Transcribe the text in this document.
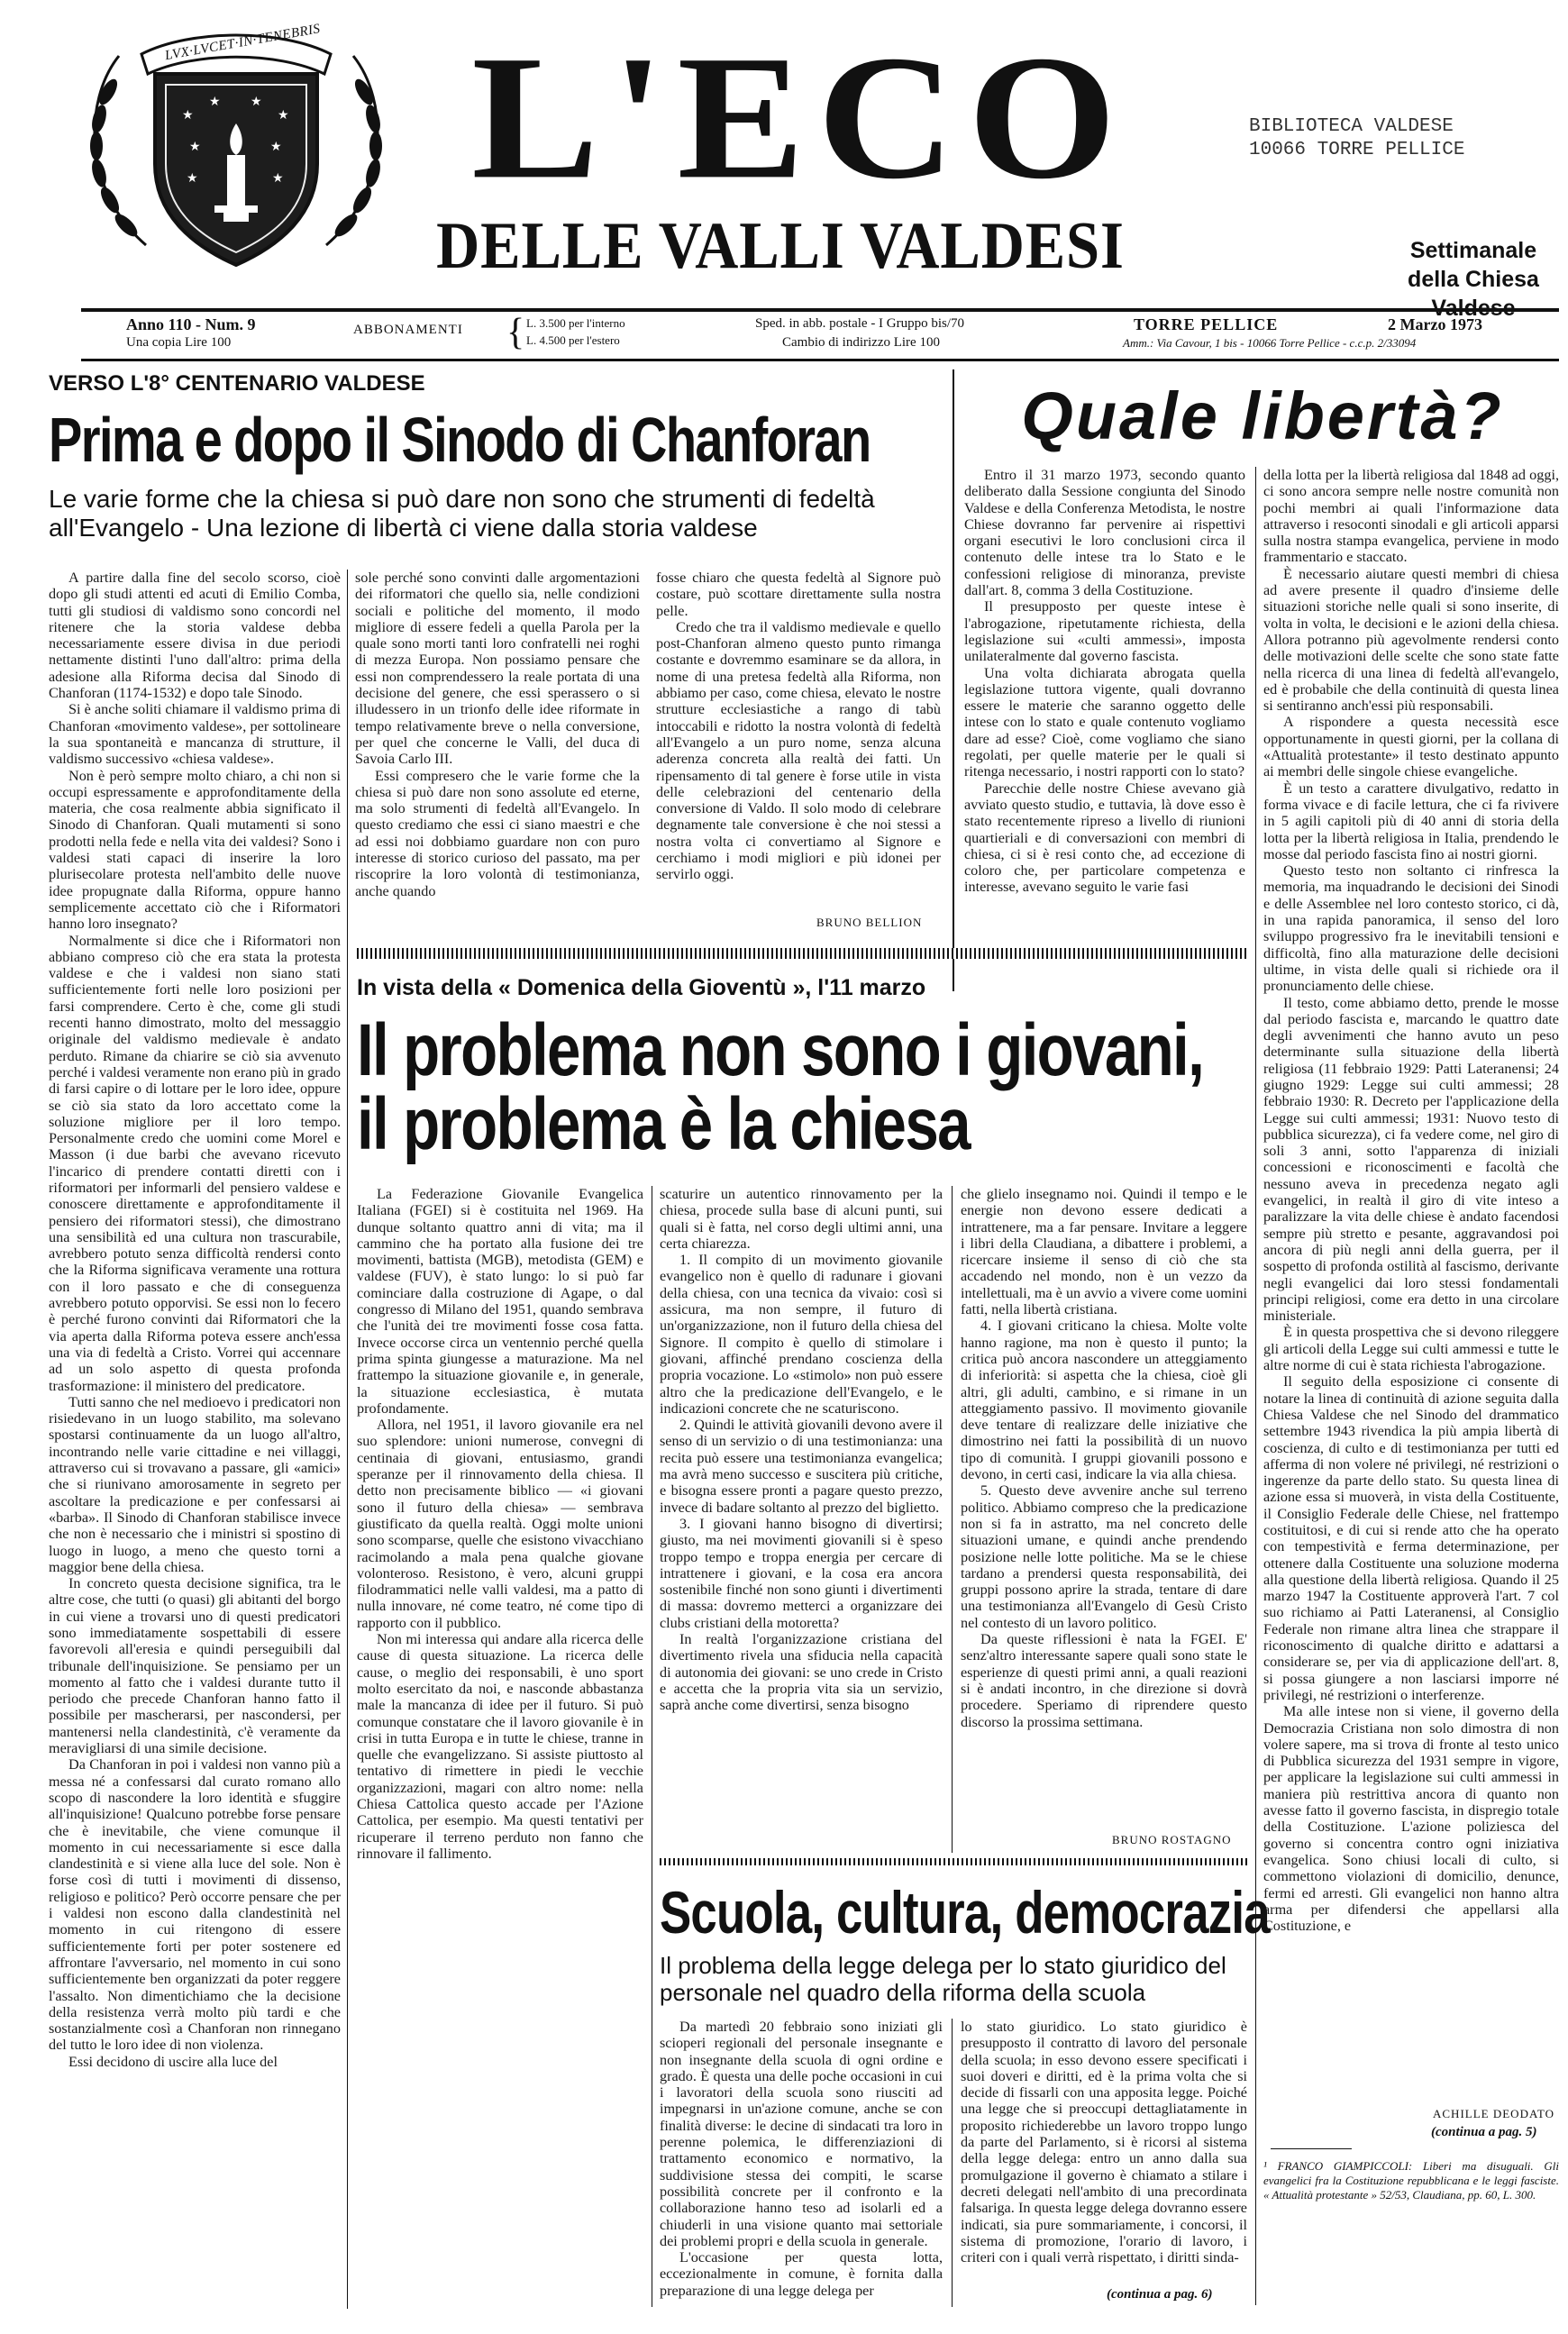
★
★
★
★
★
★
★ ★
LVX·LVCET·IN·TENEBRIS L'ECO
DELLE VALLI VALDESI
BIBLIOTECA VALDESE
10066 TORRE PELLICE
Settimanale
della Chiesa
Anno 110 - Num. 9
Una copia Lire 100
ABBONAMENTI { L. 3.500 per l'interno
L. 4.500 per l'estero
Sped. in abb. postale - I Gruppo bis/70
Cambio di indirizzo Lire 100
TORRE PELLICE	2 Marzo 1973
Amm.: Via Cavour, 1 bis - 10066 Torre Pellice - c.c.p. 2/33094
VERSO L'8° CENTENARIO VALDESE
Prima e dopo il Sinodo di Chanforan
Le varie forme che la chiesa si può dare non sono che strumenti di fedeltà all'Evangelo - Una lezione di libertà ci viene dalla storia valdese

A partire dalla fine del secolo scorso, cioè dopo gli studi attenti ed acuti di Emilio Comba, tutti gli studiosi di valdismo sono concordi nel ritenere che la storia valdese debba necessariamente essere divisa in due periodi nettamente distinti l'uno dall'altro: prima della adesione alla Riforma decisa dal Sinodo di Chanforan (1174-1532) e dopo tale Sinodo.

Si è anche soliti chiamare il valdismo prima di Chanforan «movimento valdese», per sottolineare la sua spontaneità e mancanza di strutture, il valdismo successivo «chiesa valdese».

Non è però sempre molto chiaro, a chi non si occupi espressamente e approfonditamente della materia, che cosa realmente abbia significato il Sinodo di Chanforan. Quali mutamenti si sono prodotti nella fede e nella vita dei valdesi? Sono i valdesi stati capaci di inserire la loro plurisecolare protesta nell'ambito delle nuove idee propugnate dalla Riforma, oppure hanno semplicemente accettato ciò che i Riformatori hanno loro insegnato?

Normalmente si dice che i Riformatori non abbiano compreso ciò che era stata la protesta valdese e che i valdesi non siano stati sufficientemente forti nelle loro posizioni per farsi comprendere. Certo è che, come gli studi recenti hanno dimostrato, molto del messaggio originale del valdismo medievale è andato perduto. Rimane da chiarire se ciò sia avvenuto perché i valdesi veramente non erano più in grado di farsi capire o di lottare per le loro idee, oppure se ciò sia stato da loro accettato come la soluzione migliore per il loro tempo. Personalmente credo che uomini come Morel e Masson (i due barbi che avevano ricevuto l'incarico di prendere contatti diretti con i riformatori per informarli del pensiero valdese e conoscere direttamente e approfonditamente il pensiero dei riformatori stessi), che dimostrano una sensibilità ed una cultura non trascurabile, avrebbero potuto senza difficoltà rendersi conto che la Riforma significava veramente una rottura con il loro passato e che di conseguenza avrebbero potuto opporvisi. Se essi non lo fecero è perché furono convinti dai Riformatori che la via aperta dalla Riforma poteva essere anch'essa una via di fedeltà a Cristo. Vorrei qui accennare ad un solo aspetto di questa profonda trasformazione: il ministero del predicatore.

Tutti sanno che nel medioevo i predicatori non risiedevano in un luogo stabilito, ma solevano spostarsi continuamente da un luogo all'altro, incontrando nelle varie cittadine e nei villaggi, attraverso cui si trovavano a passare, gli «amici» che si riunivano amorosamente in segreto per ascoltare la predicazione e per confessarsi ai «barba». Il Sinodo di Chanforan stabilisce invece che non è necessario che i ministri si spostino di luogo in luogo, a meno che questo torni a maggior bene della chiesa.

In concreto questa decisione significa, tra le altre cose, che tutti (o quasi) gli abitanti del borgo in cui viene a trovarsi uno di questi predicatori sono immediatamente sospettabili di essere favorevoli all'eresia e quindi perseguibili dal tribunale dell'inquisizione. Se pensiamo per un momento al fatto che i valdesi durante tutto il periodo che precede Chanforan hanno fatto il possibile per mascherarsi, per nascondersi, per mantenersi nella clandestinità, c'è veramente da meravigliarsi di una simile decisione.

Da Chanforan in poi i valdesi non vanno più a messa né a confessarsi dal curato romano allo scopo di nascondere la loro identità e sfuggire all'inquisizione! Qualcuno potrebbe forse pensare che è inevitabile, che viene comunque il momento in cui necessariamente si esce dalla clandestinità e si viene alla luce del sole. Non è forse così di tutti i movimenti di dissenso, religioso e politico? Però occorre pensare che per i valdesi non escono dalla clandestinità nel momento in cui ritengono di essere sufficientemente forti per poter sostenere ed affrontare l'avversario, nel momento in cui sono sufficientemente ben organizzati da poter reggere l'assalto. Non dimentichiamo che la decisione della resistenza verrà molto più tardi e che sostanzialmente così a Chanforan non rinnegano del tutto le loro idee di non violenza.

Essi decidono di uscire alla luce del

sole perché sono convinti dalle argomentazioni dei riformatori che quello sia, nelle condizioni sociali e politiche del momento, il modo migliore di essere fedeli a quella Parola per la quale sono morti tanti loro confratelli nei roghi di mezza Europa. Non possiamo pensare che essi non comprendessero la reale portata di una decisione del genere, che essi sperassero o si illudessero in un trionfo delle idee riformate in tempo relativamente breve o nella conversione, per quel che concerne le Valli, del duca di Savoia Carlo III.

Essi compresero che le varie forme che la chiesa si può dare non sono assolute ed eterne, ma solo strumenti di fedeltà all'Evangelo. In questo crediamo che essi ci siano maestri e che ad essi noi dobbiamo guardare non con puro interesse di storico curioso del passato, ma per riscoprire la loro volontà di testimonianza, anche quando

fosse chiaro che questa fedeltà al Signore può costare, può scottare direttamente sulla nostra pelle.

Credo che tra il valdismo medievale e quello post-Chanforan almeno questo punto rimanga costante e dovremmo esaminare se da allora, in nome di una pretesa fedeltà alla Riforma, non abbiamo per caso, come chiesa, elevato le nostre strutture ecclesiastiche a rango di tabù intoccabili e ridotto la nostra volontà di fedeltà all'Evangelo a un puro nome, senza alcuna aderenza concreta alla realtà dei fatti. Un ripensamento di tal genere è forse utile in vista delle celebrazioni del centenario della conversione di Valdo. Il solo modo di celebrare degnamente tale conversione è che noi stessi a nostra volta ci convertiamo al Signore e cerchiamo i modi migliori e più idonei per servirlo oggi.

BRUNO BELLION
Quale libertà?

Entro il 31 marzo 1973, secondo quanto deliberato dalla Sessione congiunta del Sinodo Valdese e della Conferenza Metodista, le nostre Chiese dovranno far pervenire ai rispettivi organi esecutivi le loro conclusioni circa il contenuto delle intese tra lo Stato e le confessioni religiose di minoranza, previste dall'art. 8, comma 3 della Costituzione.

Il presupposto per queste intese è l'abrogazione, ripetutamente richiesta, della legislazione sui «culti ammessi», imposta unilateralmente dal governo fascista.

Una volta dichiarata abrogata quella legislazione tuttora vigente, quali dovranno essere le materie che saranno oggetto delle intese con lo stato e quale contenuto vogliamo dare ad esse? Cioè, come vogliamo che siano regolati, per quelle materie per le quali si ritenga necessario, i nostri rapporti con lo stato?

Parecchie delle nostre Chiese avevano già avviato questo studio, e tuttavia, là dove esso è stato recentemente ripreso a livello di riunioni quartieriali e di conversazioni con membri di chiesa, ci si è resi conto che, ad eccezione di coloro che, per particolare competenza e interesse, avevano seguito le varie fasi

della lotta per la libertà religiosa dal 1848 ad oggi, ci sono ancora sempre nelle nostre comunità non pochi membri ai quali l'informazione data attraverso i resoconti sinodali e gli articoli apparsi sulla nostra stampa evangelica, perviene in modo frammentario e staccato.

È necessario aiutare questi membri di chiesa ad avere presente il quadro d'insieme delle situazioni storiche nelle quali si sono inserite, di volta in volta, le decisioni e le azioni della chiesa. Allora potranno più agevolmente rendersi conto delle motivazioni delle scelte che sono state fatte nella ricerca di una linea di fedeltà all'evangelo, ed è probabile che della continuità di questa linea si sentiranno anch'essi più responsabili.

A rispondere a questa necessità esce opportunamente in questi giorni, per la collana di «Attualità protestante» il testo destinato appunto ai membri delle singole chiese evangeliche.

È un testo a carattere divulgativo, redatto in forma vivace e di facile lettura, che ci fa rivivere in 5 agili capitoli più di 40 anni di storia della lotta per la libertà religiosa in Italia, prendendo le mosse dal periodo fascista fino ai nostri giorni.

Questo testo non soltanto ci rinfresca la memoria, ma inquadrando le decisioni dei Sinodi e delle Assemblee nel loro contesto storico, ci dà, in una rapida panoramica, il senso del loro sviluppo progressivo fra le inevitabili tensioni e difficoltà, fino alla maturazione delle decisioni ultime, in vista delle quali si richiede ora il pronunciamento delle chiese.

Il testo, come abbiamo detto, prende le mosse dal periodo fascista e, marcando le quattro date degli avvenimenti che hanno avuto un peso determinante sulla situazione della libertà religiosa (11 febbraio 1929: Patti Lateranensi; 24 giugno 1929: Legge sui culti ammessi; 28 febbraio 1930: R. Decreto per l'applicazione della Legge sui culti ammessi; 1931: Nuovo testo di pubblica sicurezza), ci fa vedere come, nel giro di soli 3 anni, sotto l'apparenza di iniziali concessioni e riconoscimenti e facoltà che nessuno aveva in precedenza negato agli evangelici, in realtà il giro di vite inteso a paralizzare la vita delle chiese è andato facendosi sempre più stretto e pesante, aggravandosi poi ancora di più negli anni della guerra, per il sospetto di profonda ostilità al fascismo, derivante negli evangelici dai loro stessi fondamentali principi religiosi, come era detto in una circolare ministeriale.

È in questa prospettiva che si devono rileggere gli articoli della Legge sui culti ammessi e tutte le altre norme di cui è stata richiesta l'abrogazione.

Il seguito della esposizione ci consente di notare la linea di continuità di azione seguita dalla Chiesa Valdese che nel Sinodo del drammatico settembre 1943 rivendica la più ampia libertà di coscienza, di culto e di testimonianza per tutti ed afferma di non volere né privilegi, né restrizioni o ingerenze da parte dello stato. Su questa linea di azione essa si muoverà, in vista della Costituente, il Consiglio Federale delle Chiese, nel frattempo costituitosi, e di cui si rende atto che ha operato con tempestività e ferma determinazione, per ottenere dalla Costituente una soluzione moderna alla questione della libertà religiosa. Quando il 25 marzo 1947 la Costituente approverà l'art. 7 col suo richiamo ai Patti Lateranensi, al Consiglio Federale non rimane altra linea che strappare il riconoscimento di qualche diritto e adattarsi a considerare se, per via di applicazione dell'art. 8, si possa giungere a non lasciarsi imporre né privilegi, né restrizioni o interferenze.

Ma alle intese non si viene, il governo della Democrazia Cristiana non solo dimostra di non volere sapere, ma si trova di fronte al testo unico di Pubblica sicurezza del 1931 sempre in vigore, per applicare la legislazione sui culti ammessi in maniera più restrittiva ancora di quanto non avesse fatto il governo fascista, in dispregio totale della Costituzione. L'azione poliziesca del governo si concentra contro ogni iniziativa evangelica. Sono chiusi locali di culto, si commettono violazioni di domicilio, denunce, fermi ed arresti. Gli evangelici non hanno altra arma per difendersi che appellarsi alla Costituzione, e

ACHILLE DEODATO
(continua a pag. 5)
¹ FRANCO GIAMPICCOLI: Liberi ma disuguali. Gli evangelici fra la Costituzione repubblicana e le leggi fasciste. « Attualità protestante » 52/53, Claudiana, pp. 60, L. 300.
In vista della « Domenica della Gioventù », l'11 marzo
Il problema non sono i giovani,
il problema è la chiesa

La Federazione Giovanile Evangelica Italiana (FGEI) si è costituita nel 1969. Ha dunque soltanto quattro anni di vita; ma il cammino che ha portato alla fusione dei tre movimenti, battista (MGB), metodista (GEM) e valdese (FUV), è stato lungo: lo si può far cominciare dalla costruzione di Agape, o dal congresso di Milano del 1951, quando sembrava che l'unità dei tre movimenti fosse cosa fatta. Invece occorse circa un ventennio perché quella prima spinta giungesse a maturazione. Ma nel frattempo la situazione giovanile e, in generale, la situazione ecclesiastica, è mutata profondamente.

Allora, nel 1951, il lavoro giovanile era nel suo splendore: unioni numerose, convegni di centinaia di giovani, entusiasmo, grandi speranze per il rinnovamento della chiesa. Il detto non precisamente biblico — «i giovani sono il futuro della chiesa» — sembrava giustificato da quella realtà. Oggi molte unioni sono scomparse, quelle che esistono vivacchiano racimolando a mala pena qualche giovane volonteroso. Resistono, è vero, alcuni gruppi filodrammatici nelle valli valdesi, ma a patto di nulla innovare, né come teatro, né come tipo di rapporto con il pubblico.

Non mi interessa qui andare alla ricerca delle cause di questa situazione. La ricerca delle cause, o meglio dei responsabili, è uno sport molto esercitato da noi, e nasconde abbastanza male la mancanza di idee per il futuro. Si può comunque constatare che il lavoro giovanile è in crisi in tutta Europa e in tutte le chiese, tranne in quelle che evangelizzano. Si assiste piuttosto al tentativo di rimettere in piedi le vecchie organizzazioni, magari con altro nome: nella Chiesa Cattolica questo accade per l'Azione Cattolica, per esempio. Ma questi tentativi per ricuperare il terreno perduto non fanno che rinnovare il fallimento.

scaturire un autentico rinnovamento per la chiesa, procede sulla base di alcuni punti, sui quali si è fatta, nel corso degli ultimi anni, una certa chiarezza.

1. Il compito di un movimento giovanile evangelico non è quello di radunare i giovani della chiesa, con una tecnica da vivaio: così si assicura, ma non sempre, il futuro di un'organizzazione, non il futuro della chiesa del Signore. Il compito è quello di stimolare i giovani, affinché prendano coscienza della propria vocazione. Lo «stimolo» non può essere altro che la predicazione dell'Evangelo, e le indicazioni concrete che ne scaturiscono.

2. Quindi le attività giovanili devono avere il senso di un servizio o di una testimonianza: una recita può essere una testimonianza evangelica; ma avrà meno successo e suscitera più critiche, e bisogna essere pronti a pagare questo prezzo, invece di badare soltanto al prezzo del biglietto.

3. I giovani hanno bisogno di divertirsi; giusto, ma nei movimenti giovanili si è speso troppo tempo e troppa energia per cercare di intrattenere i giovani, e la cosa era ancora sostenibile finché non sono giunti i divertimenti di massa: dovremo metterci a organizzare dei clubs cristiani della motoretta?

In realtà l'organizzazione cristiana del divertimento rivela una sfiducia nella capacità di autonomia dei giovani: se uno crede in Cristo e accetta che la propria vita sia un servizio, saprà anche come divertirsi, senza bisogno

che glielo insegnamo noi. Quindi il tempo e le energie non devono essere dedicati a intrattenere, ma a far pensare. Invitare a leggere i libri della Claudiana, a dibattere i problemi, a ricercare insieme il senso di ciò che sta accadendo nel mondo, non è un vezzo da intellettuali, ma è un avvio a vivere come uomini fatti, nella libertà cristiana.

4. I giovani criticano la chiesa. Molte volte hanno ragione, ma non è questo il punto; la critica può ancora nascondere un atteggiamento di inferiorità: si aspetta che la chiesa, cioè gli altri, gli adulti, cambino, e si rimane in un atteggiamento passivo. Il movimento giovanile deve tentare di realizzare delle iniziative che dimostrino nei fatti la possibilità di un nuovo tipo di comunità. I gruppi giovanili possono e devono, in certi casi, indicare la via alla chiesa.

5. Questo deve avvenire anche sul terreno politico. Abbiamo compreso che la predicazione non si fa in astratto, ma nel concreto delle situazioni umane, e quindi anche prendendo posizione nelle lotte politiche. Ma se le chiese tardano a prendersi questa responsabilità, dei gruppi possono aprire la strada, tentare di dare una testimonianza all'Evangelo di Gesù Cristo nel contesto di un lavoro politico.

Da queste riflessioni è nata la FGEI. E' senz'altro interessante sapere quali sono state le esperienze di questi primi anni, a quali reazioni si è andati incontro, in che direzione si dovrà procedere. Speriamo di riprendere questo discorso la prossima settimana.

BRUNO ROSTAGNO
Scuola, cultura, democrazia
Il problema della legge delega per lo stato giuridico del personale nel quadro della riforma della scuola

Da martedì 20 febbraio sono iniziati gli scioperi regionali del personale insegnante e non insegnante della scuola di ogni ordine e grado. È questa una delle poche occasioni in cui i lavoratori della scuola sono riusciti ad impegnarsi in un'azione comune, anche se con finalità diverse: le decine di sindacati tra loro in perenne polemica, le differenziazioni di trattamento economico e normativo, la suddivisione stessa dei compiti, le scarse possibilità concrete per il confronto e la collaborazione hanno teso ad isolarli ed a chiuderli in una visione quanto mai settoriale dei problemi propri e della scuola in generale.

L'occasione per questa lotta, eccezionalmente in comune, è fornita dalla preparazione di una legge delega per

lo stato giuridico. Lo stato giuridico è presupposto il contratto di lavoro del personale della scuola; in esso devono essere specificati i suoi doveri e diritti, ed è la prima volta che si decide di fissarli con una apposita legge. Poiché una legge che si preoccupi dettagliatamente in proposito richiederebbe un lavoro troppo lungo da parte del Parlamento, si è ricorsi al sistema della legge delega: entro un anno dalla sua promulgazione il governo è chiamato a stilare i decreti delegati nell'ambito di una precordinata falsariga. In questa legge delega dovranno essere indicati, sia pure sommariamente, i concorsi, il sistema di promozione, l'orario di lavoro, i criteri con i quali verrà rispettato, i diritti sinda-

(continua a pag. 6)
